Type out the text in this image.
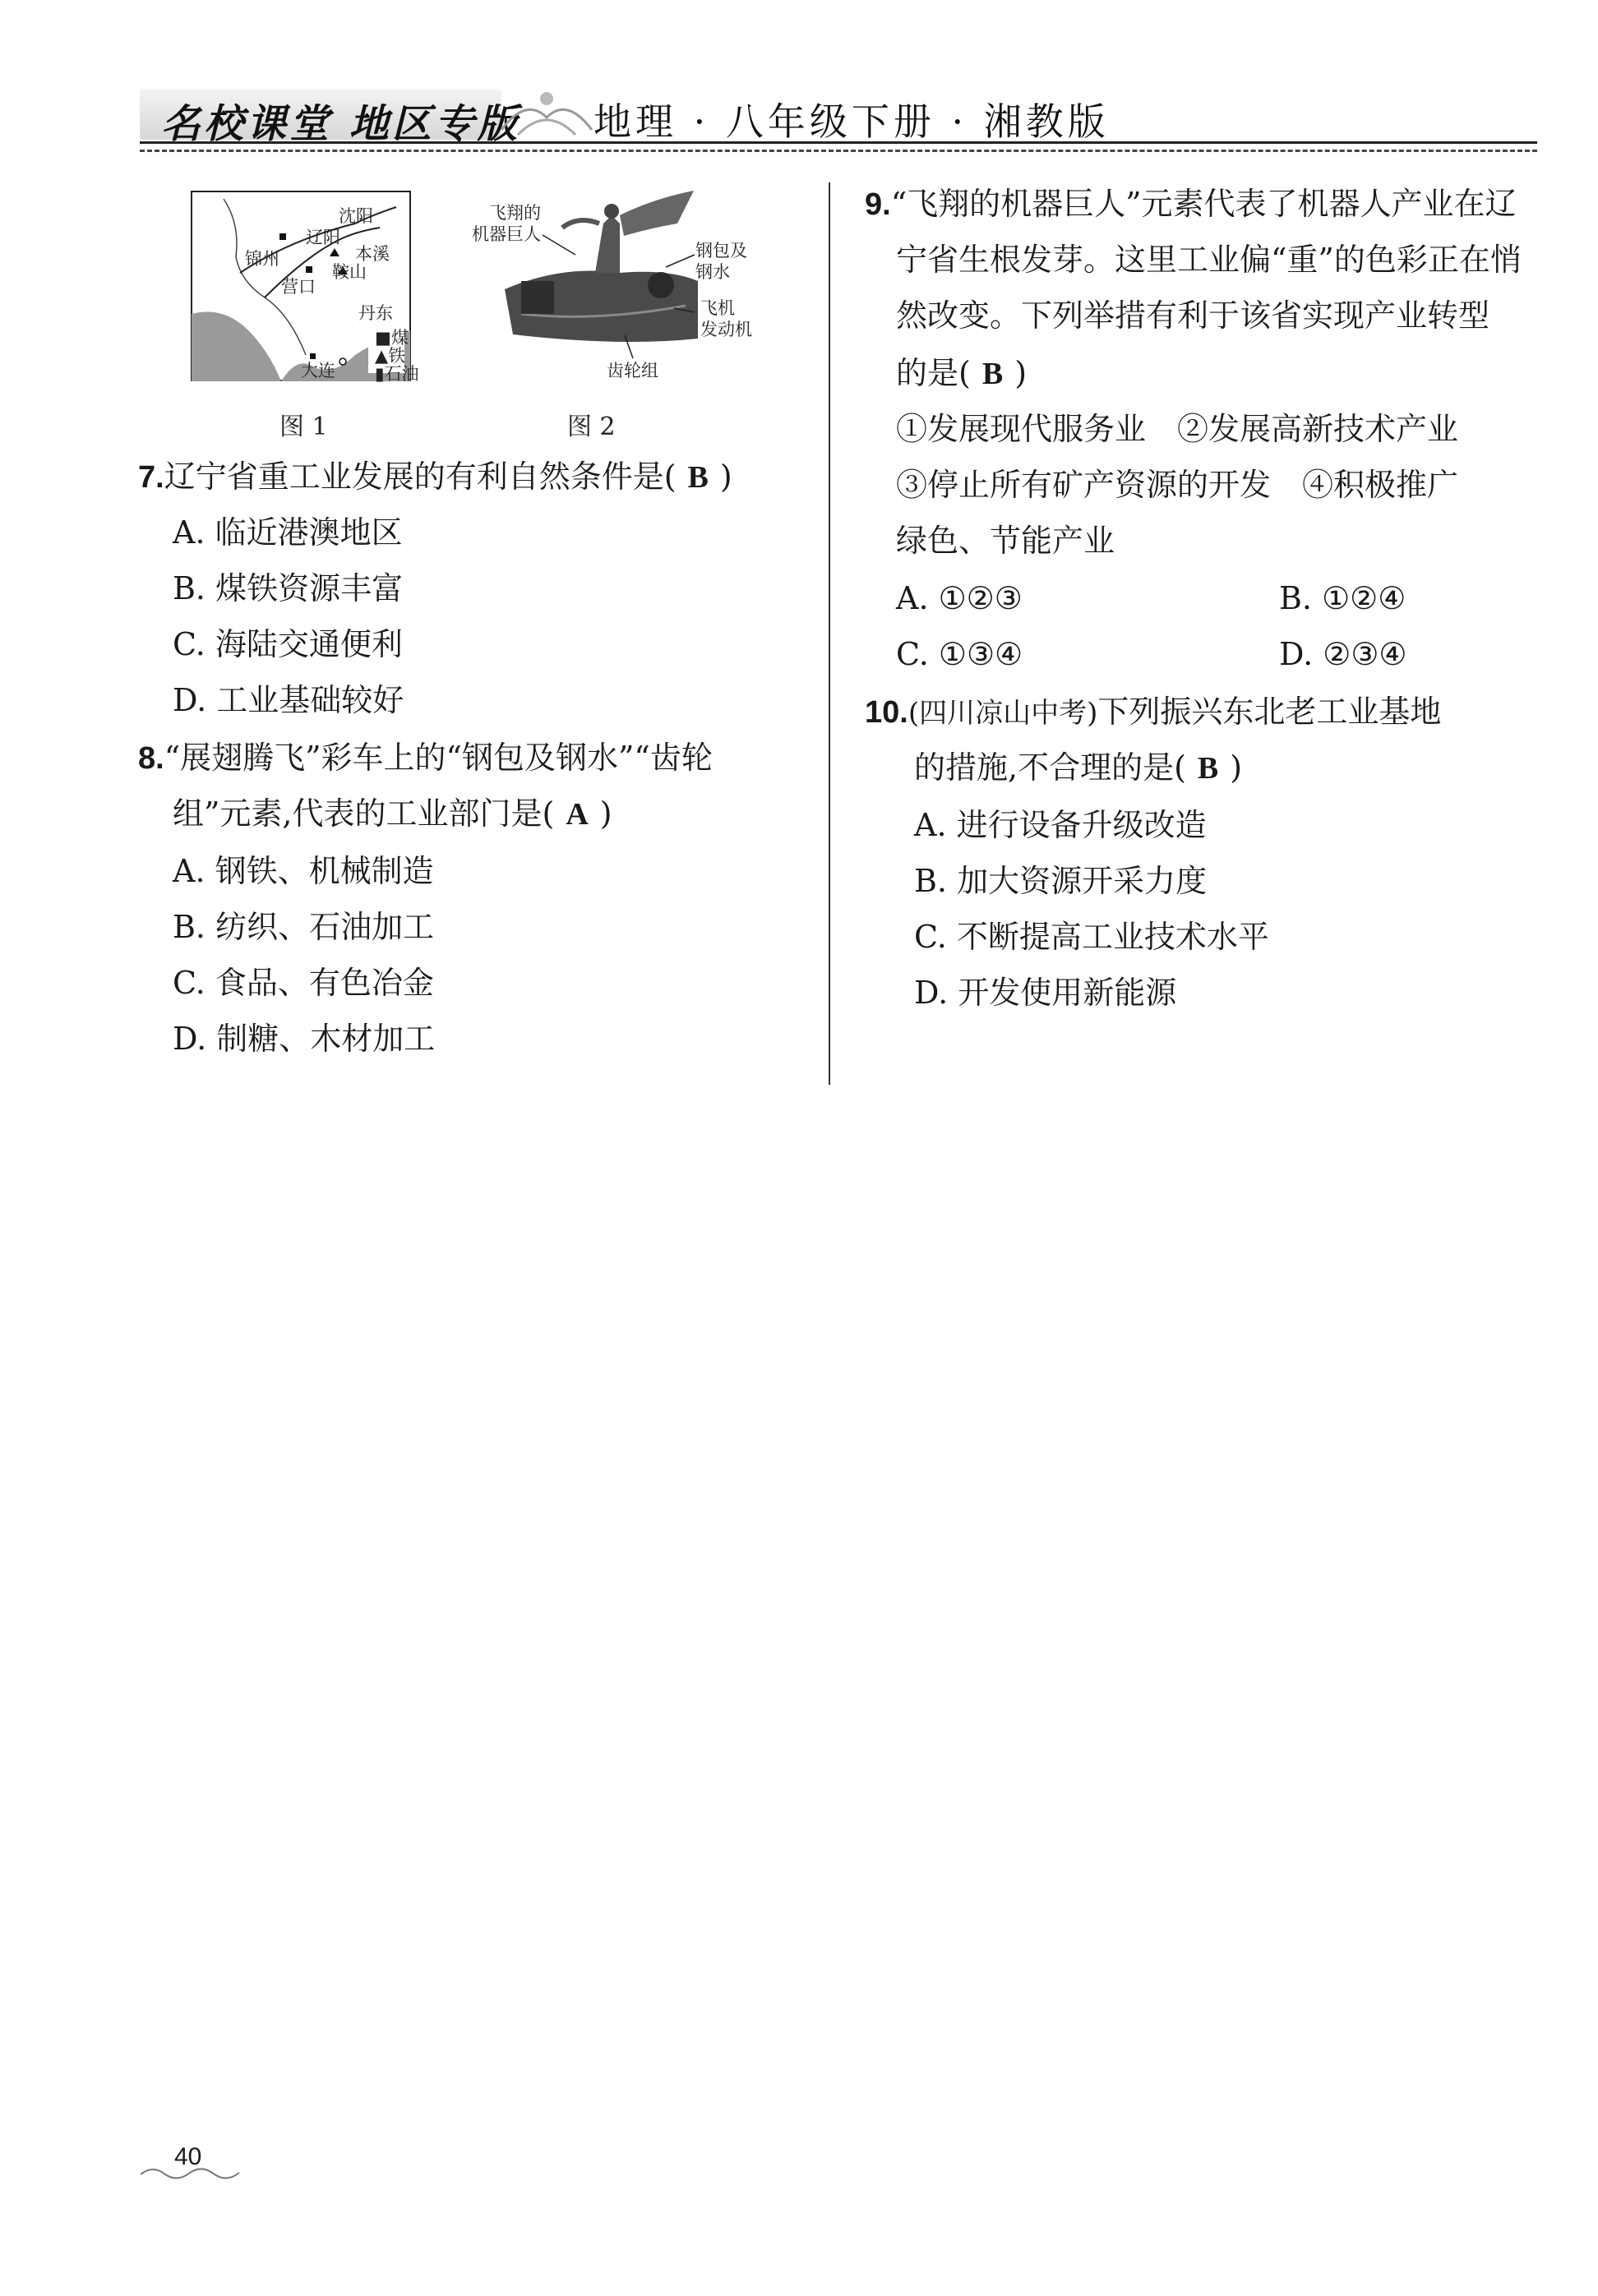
名校课堂 地区专版 地理 · 八年级下册 · 湘教版
沈阳
辽阳
本溪
鞍山
锦州
营口
丹东
大连
■煤
▲铁
▮石油
图 1
飞翔的
机器巨人
钢包及
钢水
飞机
发动机
齿轮组
图 2
7.辽宁省重工业发展的有利自然条件是( B )
A. 临近港澳地区
B. 煤铁资源丰富
C. 海陆交通便利
D. 工业基础较好
8.“展翅腾飞”彩车上的“钢包及钢水”“齿轮
组”元素,代表的工业部门是( A )
A. 钢铁、机械制造
B. 纺织、石油加工
C. 食品、有色冶金
D. 制糖、木材加工
9.“飞翔的机器巨人”元素代表了机器人产业在辽
宁省生根发芽。这里工业偏“重”的色彩正在悄
然改变。下列举措有利于该省实现产业转型
的是( B )
①发展现代服务业　②发展高新技术产业
③停止所有矿产资源的开发　④积极推广
绿色、节能产业
A. ①②③	B. ①②④
C. ①③④	D. ②③④
10.(四川凉山中考)下列振兴东北老工业基地
的措施,不合理的是( B )
A. 进行设备升级改造
B. 加大资源开采力度
C. 不断提高工业技术水平
D. 开发使用新能源
40
